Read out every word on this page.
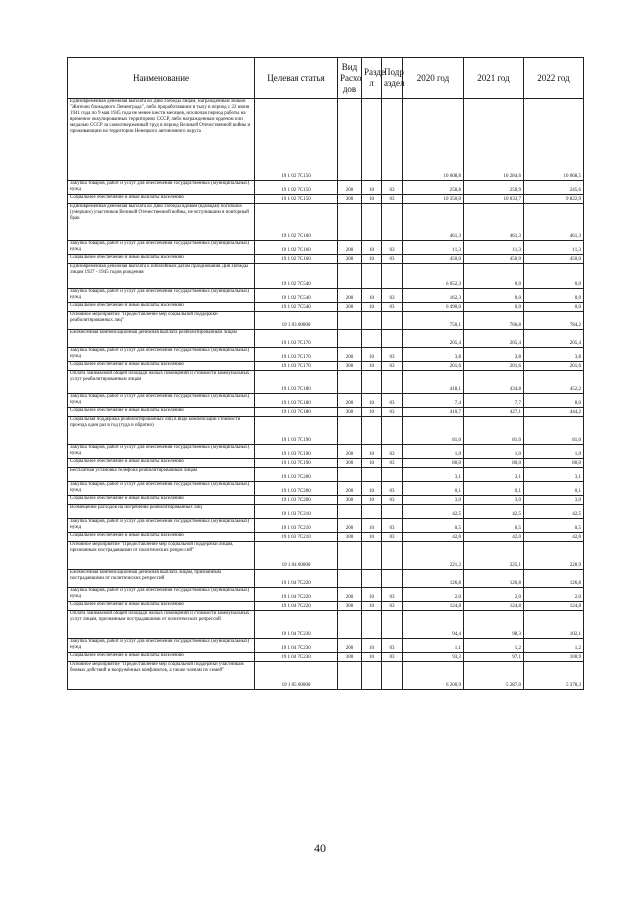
Наименование	Целевая статья	Вид Расхо дов	Разде л	Подр аздел	2020 год	2021 год	2022 год
Единовременная денежная выплата ко Дню Победы лицам, награждённым знаком "Жителю блокадного Ленинграда", либо проработавшим в тылу в период с 22 июня 1941 года по 9 мая 1945 года не менее шести месяцев, исключая период работы на временно оккупированных территориях СССР, либо награжденным орденом или медалью СССР за самоотверженный труд в период Великой Отечественной войны и проживающим на территории Ненецкого автономного округа	19 1 02 7С150				10 608,8	10 284,6	10 068,5
Закупка товаров, работ и услуг для обеспечения государственных (муниципальных) нужд	19 1 02 7С150	200	10	03	258,8	250,9	245,6
Социальное обеспечение и иные выплаты населению	19 1 02 7С150	300	10	03	10 350,0	10 033,7	9 822,9
Единовременная денежная выплата ко Дню Победы вдовам (вдовцам) погибших (умерших) участников Великой Отечественной войны, не вступившим в повторный брак	19 1 02 7С160				461,3	461,3	461,3
Закупка товаров, работ и услуг для обеспечения государственных (муниципальных) нужд	19 1 02 7С160	200	10	03	11,3	11,3	11,3
Социальное обеспечение и иные выплаты населению	19 1 02 7С160	300	10	03	450,0	450,0	450,0
Единовременная денежная выплата к юбилейным датам празднования Дня Победы лицам 1927 - 1945 годов рождения	19 1 02 7С540				6 652,3	0,0	0,0
Закупка товаров, работ и услуг для обеспечения государственных (муниципальных) нужд	19 1 02 7С540	200	10	03	162,3	0,0	0,0
Социальное обеспечение и иные выплаты населению	19 1 02 7С540	300	10	03	6 490,0	0,0	0,0
Основное мероприятие "Предоставление мер социальной поддержки реабилитированных лиц"	19 1 03 00000				750,1	766,8	784,2
Ежемесячная компенсационная денежная выплата реабилитированным лицам	19 1 03 7С170				205,4	205,4	205,4
Закупка товаров, работ и услуг для обеспечения государственных (муниципальных) нужд	19 1 03 7С170	200	10	03	3,8	3,8	3,8
Социальное обеспечение и иные выплаты населению	19 1 03 7С170	300	10	03	201,6	201,6	201,6
Оплата занимаемой общей площади жилых помещений и стоимости коммунальных услуг реабилитированным лицам	19 1 03 7С180				418,1	434,8	452,2
Закупка товаров, работ и услуг для обеспечения государственных (муниципальных) нужд	19 1 03 7С180	200	10	03	7,4	7,7	8,0
Социальное обеспечение и иные выплаты населению	19 1 03 7С180	300	10	03	410,7	427,1	444,2
Социальная поддержка реабилитированных лиц в виде компенсации стоимости проезда один раз в год (туда и обратно)	19 1 03 7С190				81,0	81,0	81,0
Закупка товаров, работ и услуг для обеспечения государственных (муниципальных) нужд	19 1 03 7С190	200	10	03	1,0	1,0	1,0
Социальное обеспечение и иные выплаты населению	19 1 03 7С190	300	10	03	80,0	80,0	80,0
Бесплатная установка телефона реабилитированным лицам	19 1 03 7С200				3,1	3,1	3,1
Закупка товаров, работ и услуг для обеспечения государственных (муниципальных) нужд	19 1 03 7С200	200	10	03	0,1	0,1	0,1
Социальное обеспечение и иные выплаты населению	19 1 03 7С200	300	10	03	3,0	3,0	3,0
Возмещение расходов на погребение реабилитированных лиц	19 1 03 7С210				42,5	42,5	42,5
Закупка товаров, работ и услуг для обеспечения государственных (муниципальных) нужд	19 1 03 7С210	200	10	03	0,5	0,5	0,5
Социальное обеспечение и иные выплаты населению	19 1 03 7С210	300	10	03	42,0	42,0	42,0
Основное мероприятие "Предоставление мер социальной поддержки лицам, признанным пострадавшими от политических репрессий"	19 1 04 00000				221,2	225,1	228,9
Ежемесячная компенсационная денежная выплата лицам, признанным пострадавшими от политических репрессий	19 1 04 7С220				126,8	126,8	126,8
Закупка товаров, работ и услуг для обеспечения государственных (муниципальных) нужд	19 1 04 7С220	200	10	03	2,0	2,0	2,0
Социальное обеспечение и иные выплаты населению	19 1 04 7С220	300	10	03	124,8	124,8	124,8
Оплата занимаемой общей площади жилых помещений и стоимости коммунальных услуг лицам, признанным пострадавшими от политических репрессий	19 1 04 7С230				94,4	98,3	102,1
Закупка товаров, работ и услуг для обеспечения государственных (муниципальных) нужд	19 1 04 7С230	200	10	03	1,1	1,2	1,2
Социальное обеспечение и иные выплаты населению	19 1 04 7С230	300	10	03	93,3	97,1	100,9
Основное мероприятие "Предоставление мер социальной поддержки участникам боевых действий и вооружённых конфликтов, а также членам их семей"	19 1 05 00000				6 200,9	5 287,0	5 378,3
40
